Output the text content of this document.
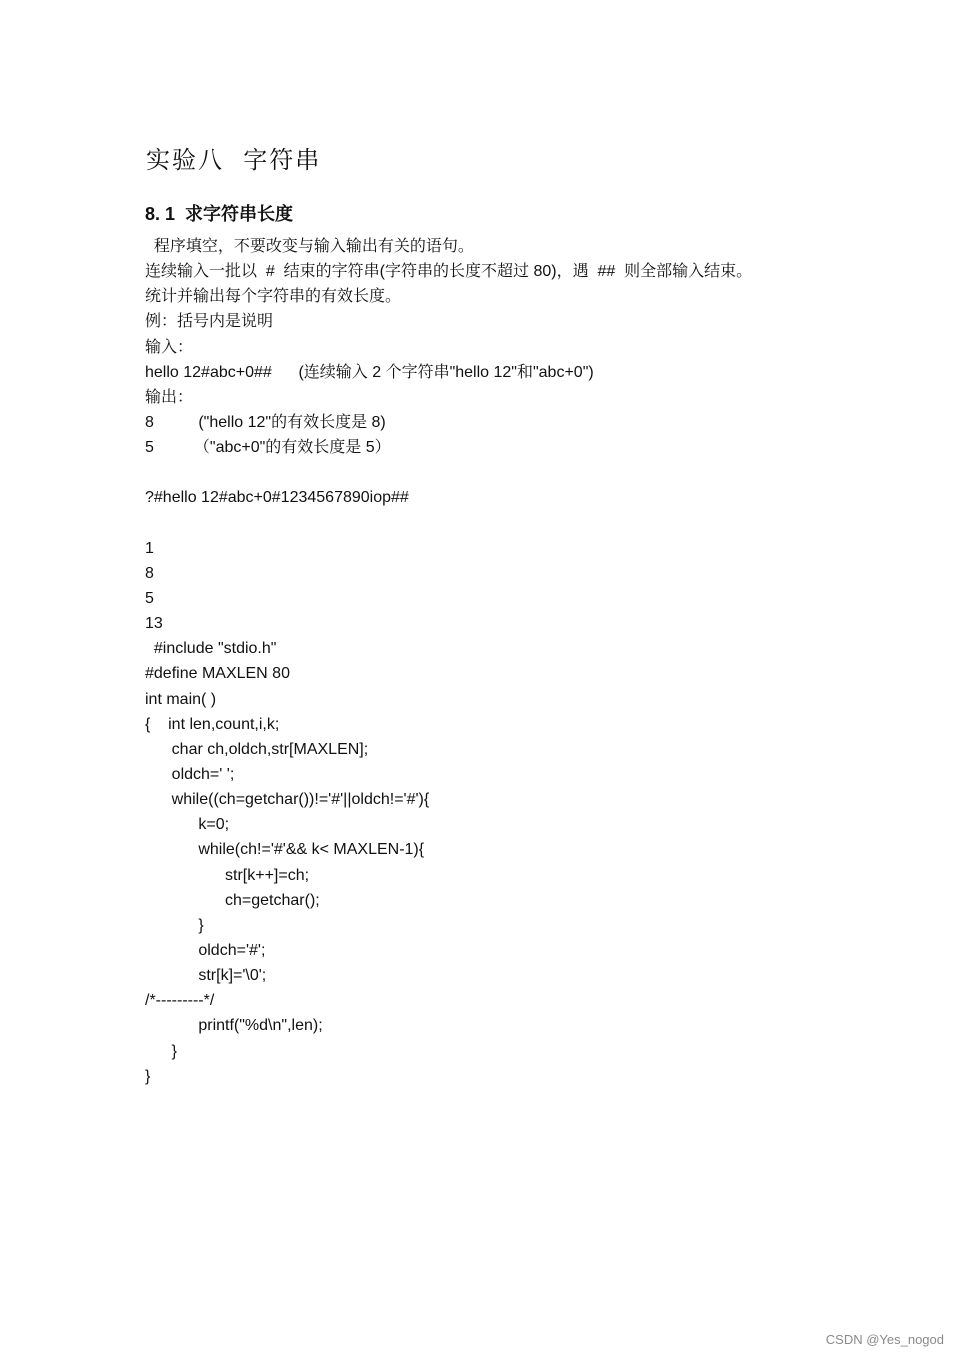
实验八  字符串
8. 1  求字符串长度
程序填空，不要改变与输入输出有关的语句。
连续输入一批以  #  结束的字符串(字符串的长度不超过 80)，遇  ##  则全部输入结束。
统计并输出每个字符串的有效长度。
例：括号内是说明
输入：
hello 12#abc+0##      (连续输入 2 个字符串"hello 12"和"abc+0")
输出：
8          ("hello 12"的有效长度是 8)
5         （"abc+0"的有效长度是 5）
?#hello 12#abc+0#1234567890iop##
1
8
5
13
#include "stdio.h"
#define MAXLEN 80
int main( )
{    int len,count,i,k;
char ch,oldch,str[MAXLEN];
oldch=' ';
while((ch=getchar())!='#'||oldch!='#'){
k=0;
while(ch!='#'&& k< MAXLEN-1){
str[k++]=ch;
ch=getchar();
}
oldch='#';
str[k]='\0';
/*---------*/
printf("%d\n",len);
}
}
CSDN @Yes_nogod
